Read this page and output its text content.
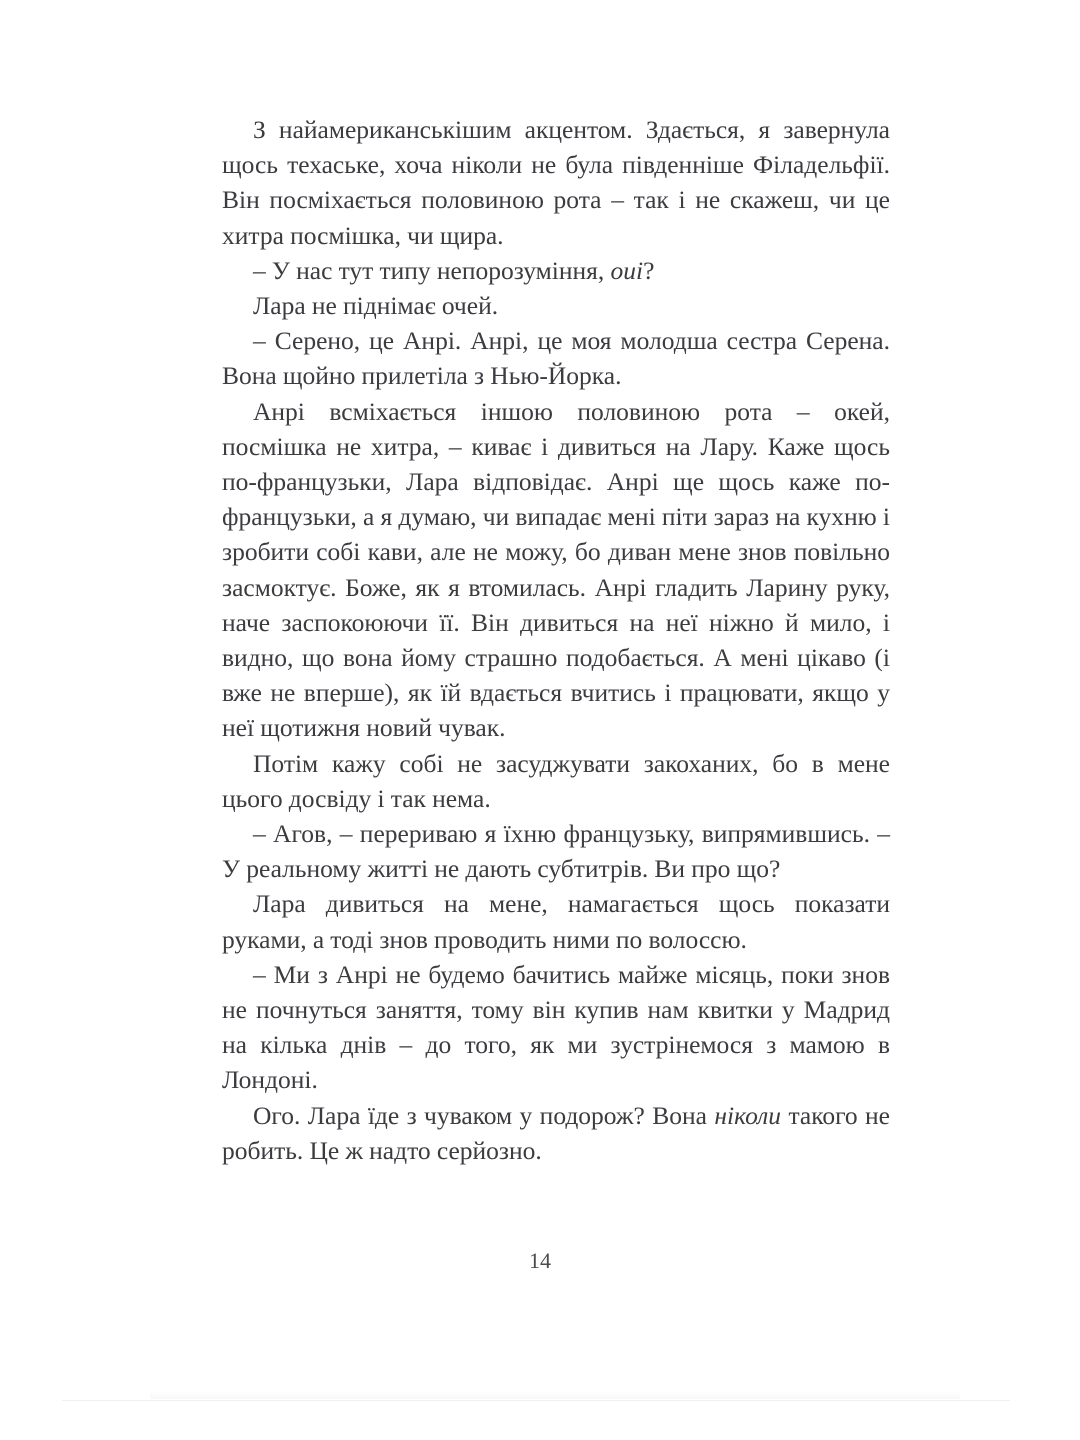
З найамериканськішим акцентом. Здається, я завернула щось техаське, хоча ніколи не була південніше Філадельфії. Він посміхається половиною рота – так і не скажеш, чи це хитра посмішка, чи щира.

– У нас тут типу непорозуміння, oui?

Лара не піднімає очей.

– Серено, це Анрі. Анрі, це моя молодша сестра Серена. Вона щойно прилетіла з Нью-Йорка.

Анрі всміхається іншою половиною рота – окей, посмішка не хитра, – киває і дивиться на Лару. Каже щось по-французьки, Лара відповідає. Анрі ще щось каже по-французьки, а я думаю, чи випадає мені піти зараз на кухню і зробити собі кави, але не можу, бо диван мене знов повільно засмоктує. Боже, як я втомилась. Анрі гладить Ларину руку, наче заспокоюючи її. Він дивиться на неї ніжно й мило, і видно, що вона йому страшно подобається. А мені цікаво (і вже не вперше), як їй вдається вчитись і працювати, якщо у неї щотижня новий чувак.

Потім кажу собі не засуджувати закоханих, бо в мене цього досвіду і так нема.

– Агов, – перериваю я їхню французьку, випрямившись. – У реальному житті не дають субтитрів. Ви про що?

Лара дивиться на мене, намагається щось показати руками, а тоді знов проводить ними по волоссю.

– Ми з Анрі не будемо бачитись майже місяць, поки знов не почнуться заняття, тому він купив нам квитки у Мадрид на кілька днів – до того, як ми зустрінемося з мамою в Лондоні.

Ого. Лара їде з чуваком у подорож? Вона ніколи такого не робить. Це ж надто серйозно.

14
